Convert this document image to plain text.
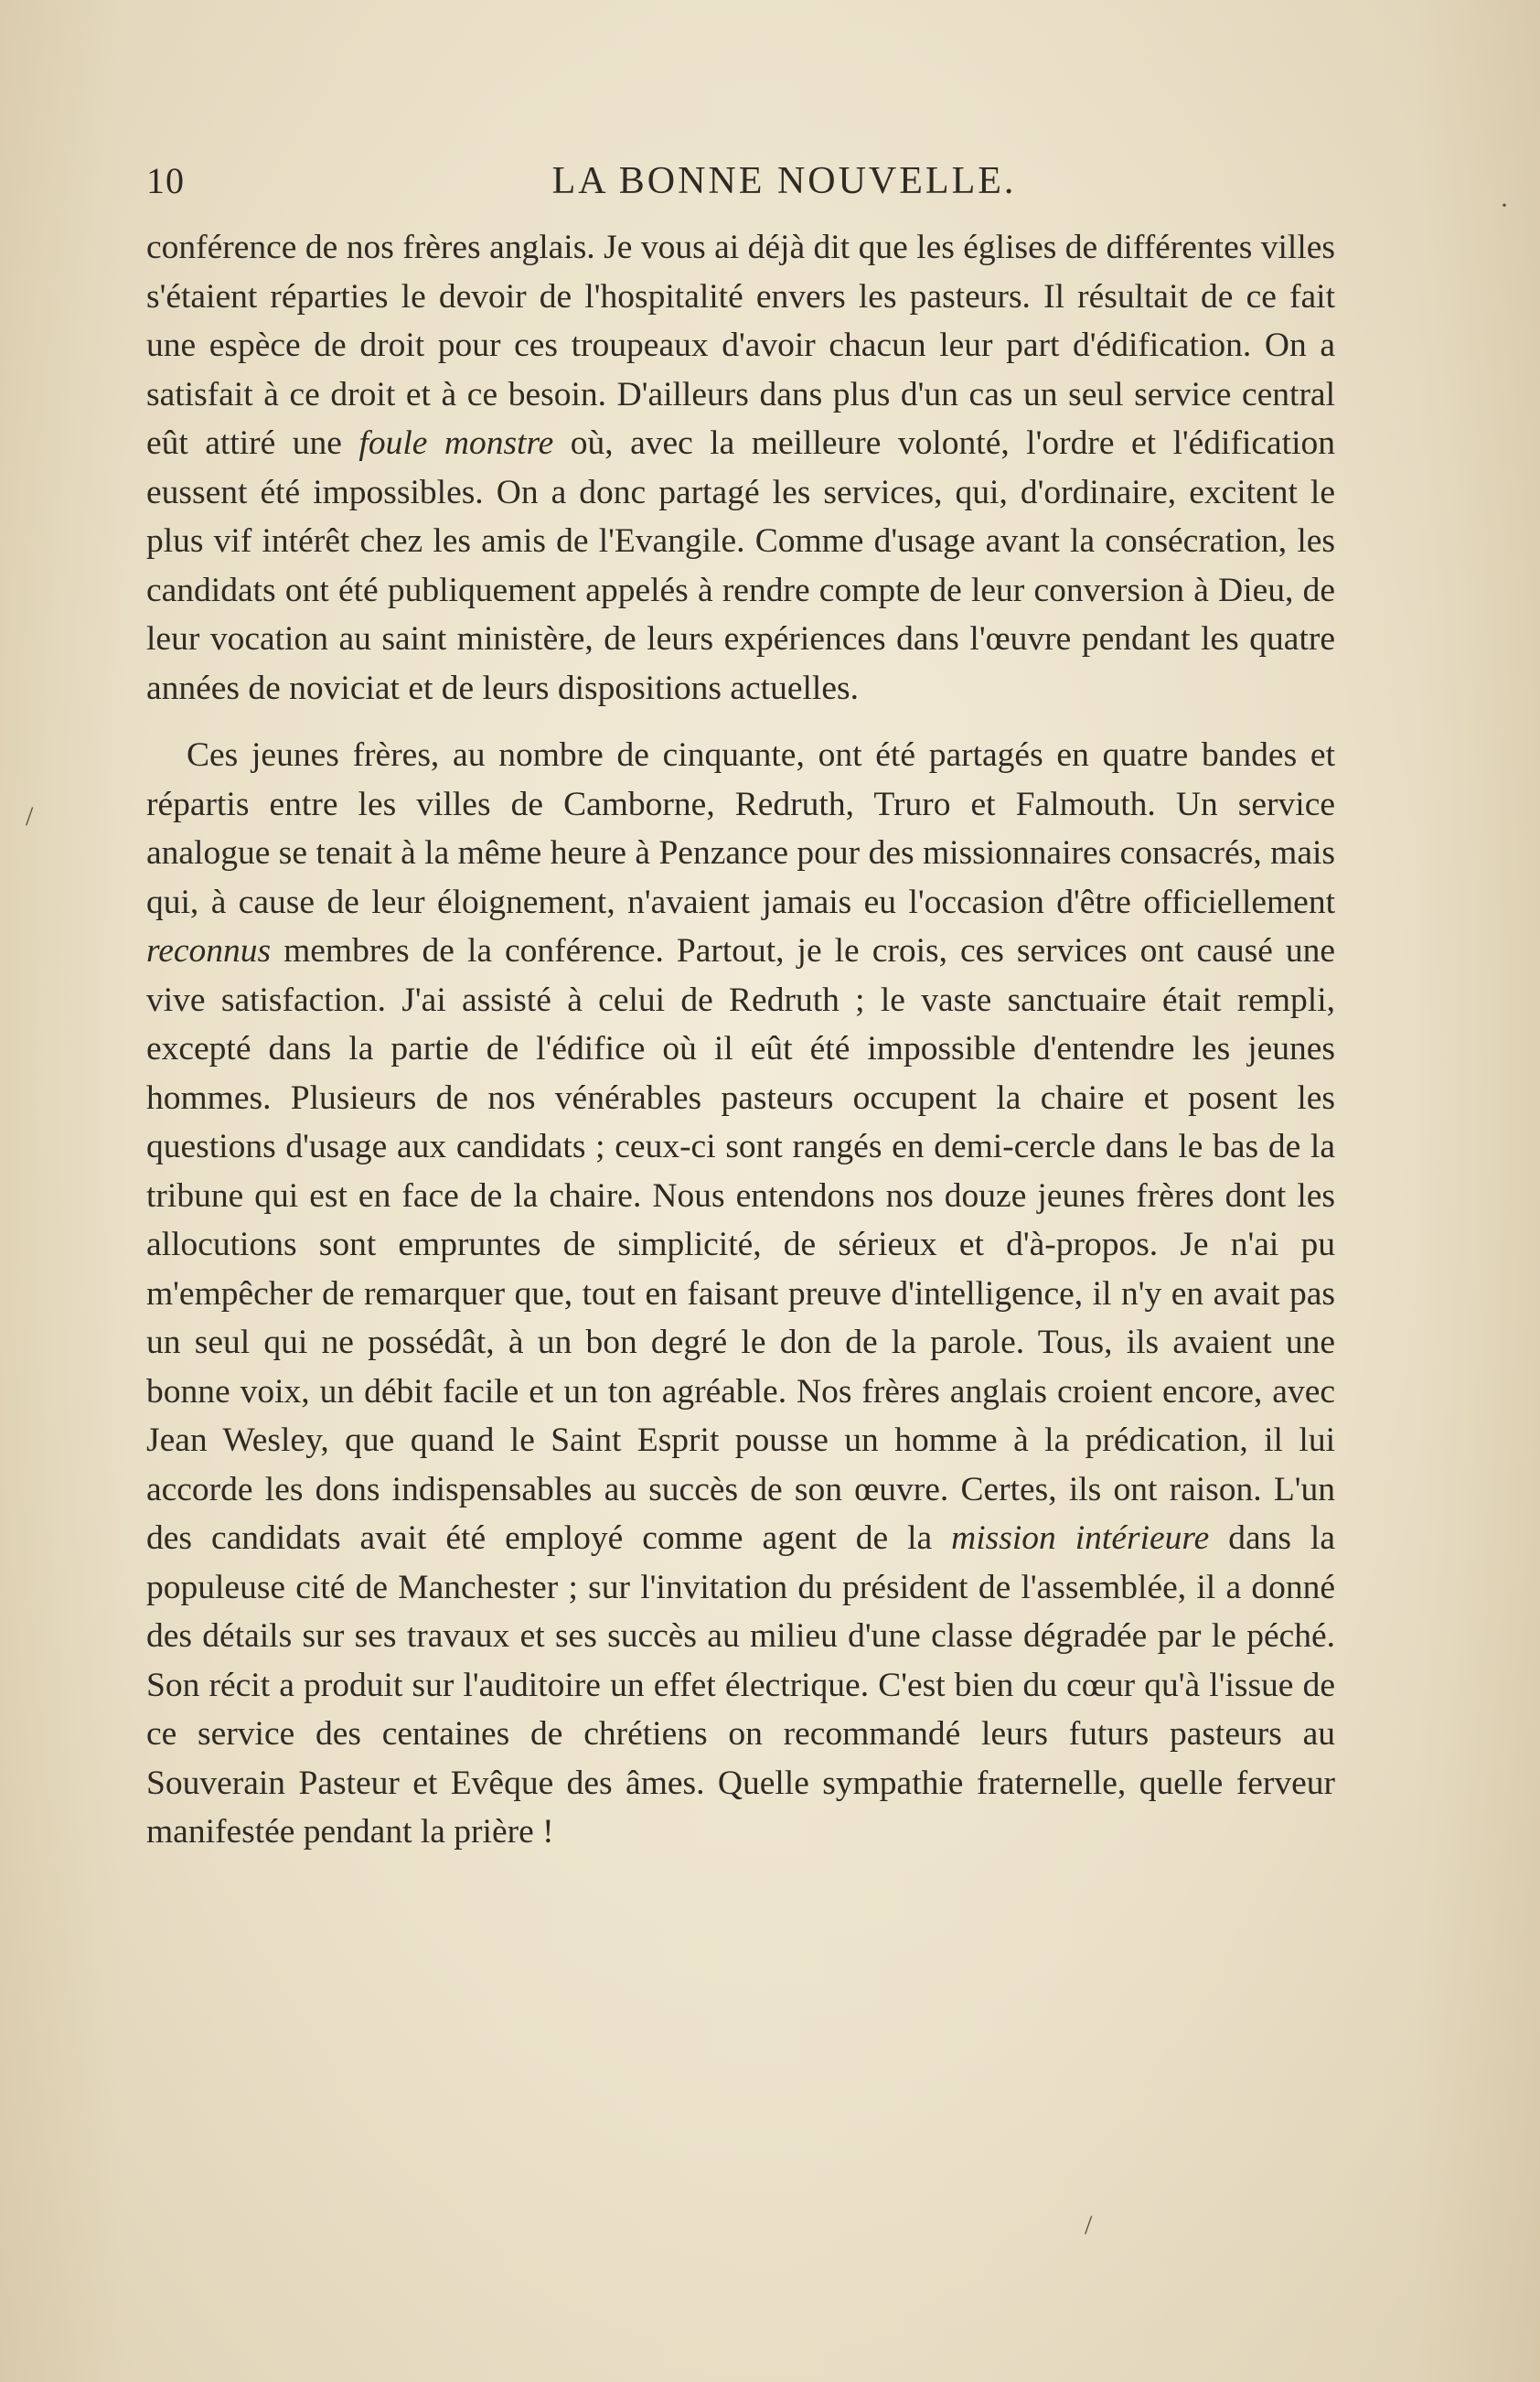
10	LA BONNE NOUVELLE.

conférence de nos frères anglais. Je vous ai déjà dit que les églises de différentes villes s'étaient réparties le devoir de l'hospitalité envers les pasteurs. Il résultait de ce fait une espèce de droit pour ces troupeaux d'avoir chacun leur part d'édification. On a satisfait à ce droit et à ce besoin. D'ailleurs dans plus d'un cas un seul service central eût attiré une foule monstre où, avec la meilleure volonté, l'ordre et l'édification eussent été impossibles. On a donc partagé les services, qui, d'ordinaire, excitent le plus vif intérêt chez les amis de l'Evangile. Comme d'usage avant la consécration, les candidats ont été publiquement appelés à rendre compte de leur conversion à Dieu, de leur vocation au saint ministère, de leurs expériences dans l'œuvre pendant les quatre années de noviciat et de leurs dispositions actuelles.

Ces jeunes frères, au nombre de cinquante, ont été partagés en quatre bandes et répartis entre les villes de Camborne, Redruth, Truro et Falmouth. Un service analogue se tenait à la même heure à Penzance pour des missionnaires consacrés, mais qui, à cause de leur éloignement, n'avaient jamais eu l'occasion d'être officiellement reconnus membres de la conférence. Partout, je le crois, ces services ont causé une vive satisfaction. J'ai assisté à celui de Redruth ; le vaste sanctuaire était rempli, excepté dans la partie de l'édifice où il eût été impossible d'entendre les jeunes hommes. Plusieurs de nos vénérables pasteurs occupent la chaire et posent les questions d'usage aux candidats ; ceux-ci sont rangés en demi-cercle dans le bas de la tribune qui est en face de la chaire. Nous entendons nos douze jeunes frères dont les allocutions sont empruntes de simplicité, de sérieux et d'à-propos. Je n'ai pu m'empêcher de remarquer que, tout en faisant preuve d'intelligence, il n'y en avait pas un seul qui ne possédât, à un bon degré le don de la parole. Tous, ils avaient une bonne voix, un débit facile et un ton agréable. Nos frères anglais croient encore, avec Jean Wesley, que quand le Saint Esprit pousse un homme à la prédication, il lui accorde les dons indispensables au succès de son œuvre. Certes, ils ont raison. L'un des candidats avait été employé comme agent de la mission intérieure dans la populeuse cité de Manchester ; sur l'invitation du président de l'assemblée, il a donné des détails sur ses travaux et ses succès au milieu d'une classe dégradée par le péché. Son récit a produit sur l'auditoire un effet électrique. C'est bien du cœur qu'à l'issue de ce service des centaines de chrétiens on recommandé leurs futurs pasteurs au Souverain Pasteur et Evêque des âmes. Quelle sympathie fraternelle, quelle ferveur manifestée pendant la prière !

/
/
·
